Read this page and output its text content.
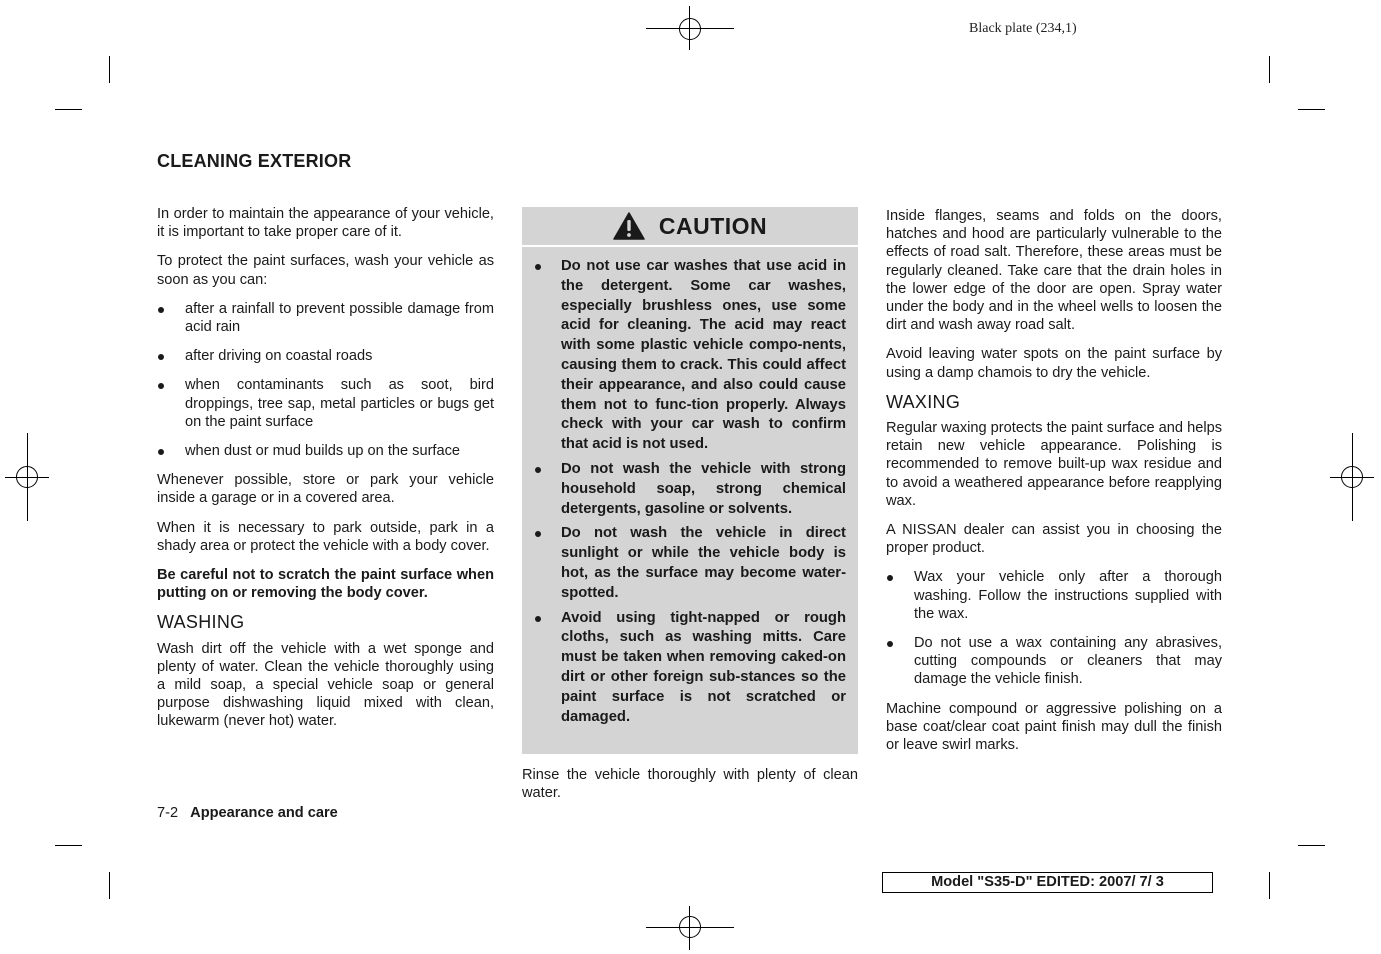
Black plate (234,1)
CLEANING EXTERIOR

In order to maintain the appearance of your vehicle, it is important to take proper care of it.

To protect the paint surfaces, wash your vehicle as soon as you can:

after a rainfall to prevent possible damage from acid rain
after driving on coastal roads
when contaminants such as soot, bird droppings, tree sap, metal particles or bugs get on the paint surface
when dust or mud builds up on the surface

Whenever possible, store or park your vehicle inside a garage or in a covered area.

When it is necessary to park outside, park in a shady area or protect the vehicle with a body cover.

Be careful not to scratch the paint surface when putting on or removing the body cover.

WASHING

Wash dirt off the vehicle with a wet sponge and plenty of water. Clean the vehicle thoroughly using a mild soap, a special vehicle soap or general purpose dishwashing liquid mixed with clean, lukewarm (never hot) water.

CAUTION
Do not use car washes that use acid in the detergent. Some car washes, especially brushless ones, use some acid for cleaning. The acid may react with some plastic vehicle compo-nents, causing them to crack. This could affect their appearance, and also could cause them not to func-tion properly. Always check with your car wash to confirm that acid is not used.
Do not wash the vehicle with strong household soap, strong chemical detergents, gasoline or solvents.
Do not wash the vehicle in direct sunlight or while the vehicle body is hot, as the surface may become water-spotted.
Avoid using tight-napped or rough cloths, such as washing mitts. Care must be taken when removing caked-on dirt or other foreign sub-stances so the paint surface is not scratched or damaged.
Rinse the vehicle thoroughly with plenty of clean water.

Inside flanges, seams and folds on the doors, hatches and hood are particularly vulnerable to the effects of road salt. Therefore, these areas must be regularly cleaned. Take care that the drain holes in the lower edge of the door are open. Spray water under the body and in the wheel wells to loosen the dirt and wash away road salt.

Avoid leaving water spots on the paint surface by using a damp chamois to dry the vehicle.

WAXING

Regular waxing protects the paint surface and helps retain new vehicle appearance. Polishing is recommended to remove built-up wax residue and to avoid a weathered appearance before reapplying wax.

A NISSAN dealer can assist you in choosing the proper product.

Wax your vehicle only after a thorough washing. Follow the instructions supplied with the wax.
Do not use a wax containing any abrasives, cutting compounds or cleaners that may damage the vehicle finish.

Machine compound or aggressive polishing on a base coat/clear coat paint finish may dull the finish or leave swirl marks.

7-2 Appearance and care
Model "S35-D" EDITED: 2007/ 7/ 3
